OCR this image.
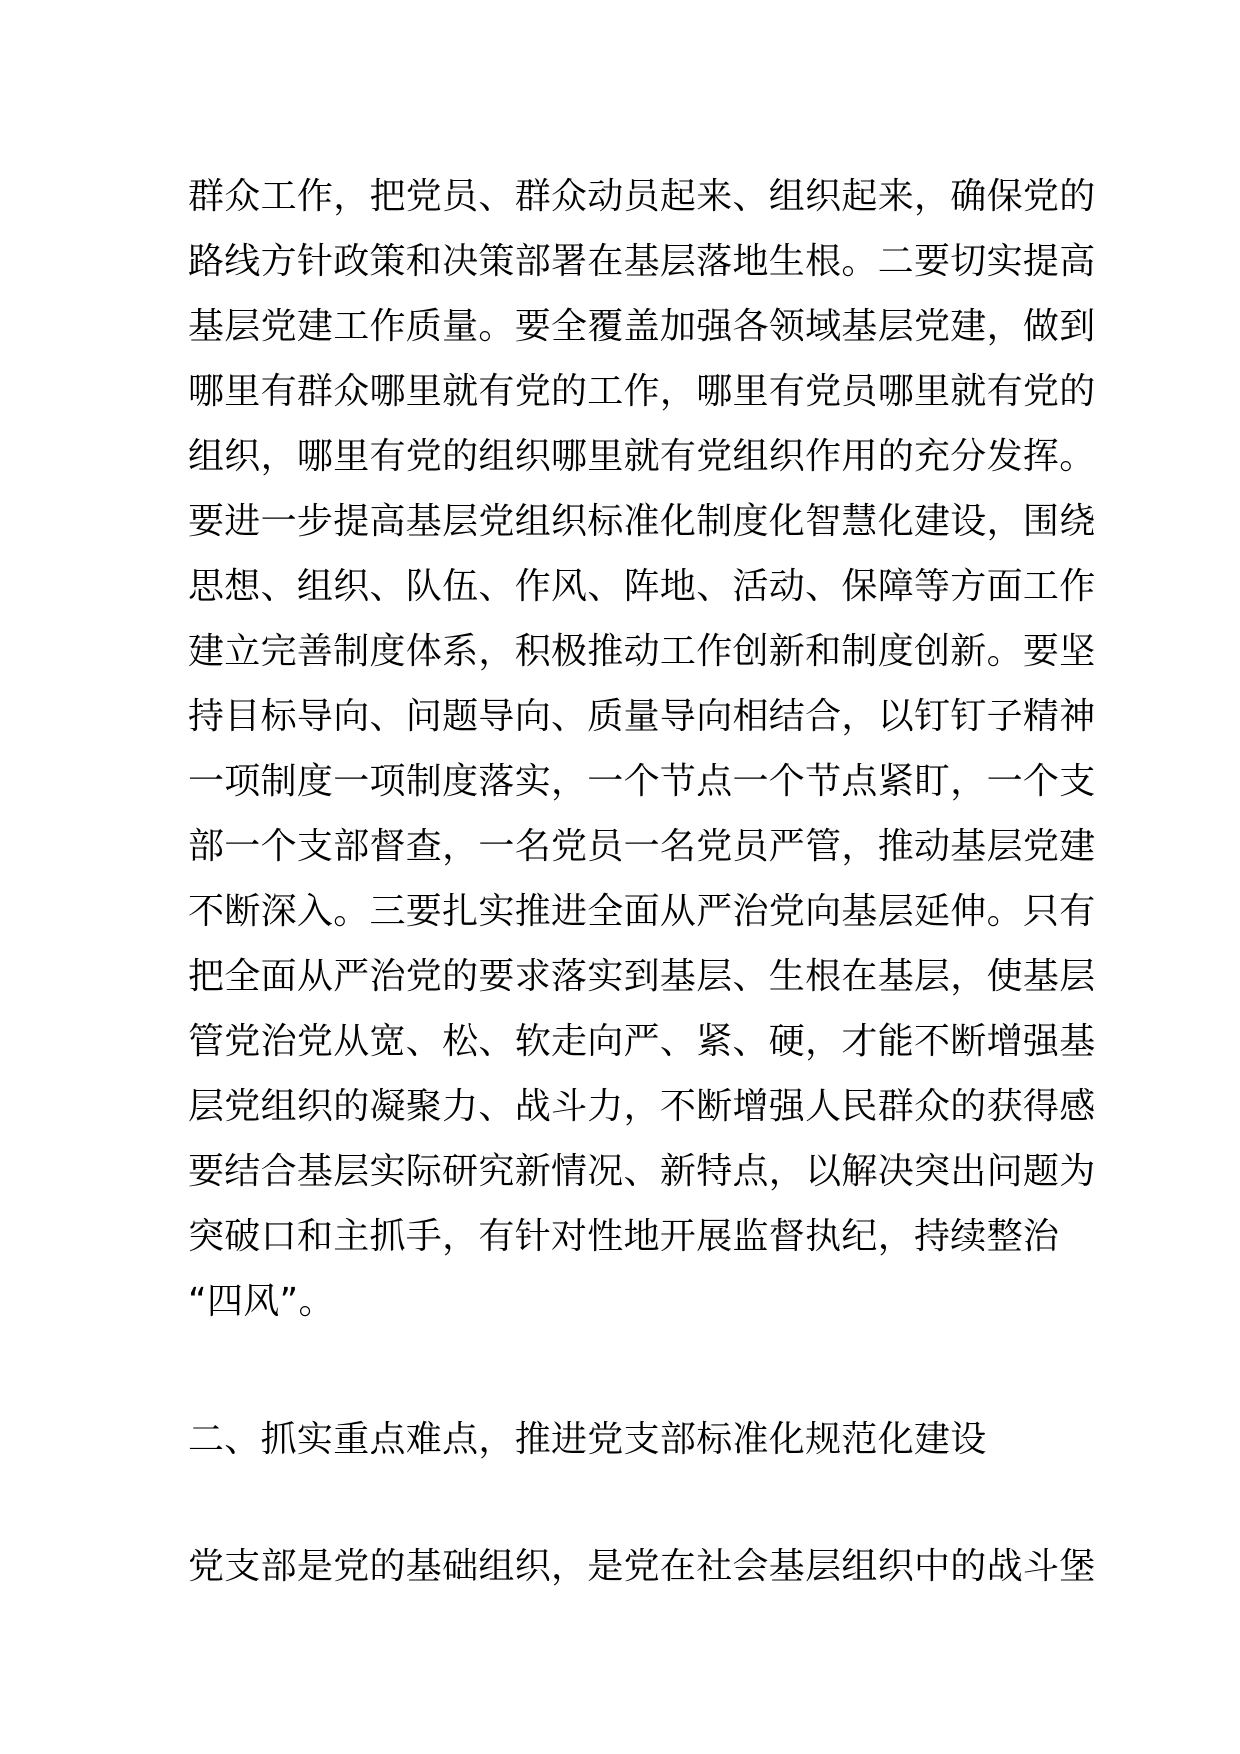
群众工作，把党员、群众动员起来、组织起来，确保党的
路线方针政策和决策部署在基层落地生根。二要切实提高
基层党建工作质量。要全覆盖加强各领域基层党建，做到
哪里有群众哪里就有党的工作，哪里有党员哪里就有党的
组织，哪里有党的组织哪里就有党组织作用的充分发挥。
要进一步提高基层党组织标准化制度化智慧化建设，围绕
思想、组织、队伍、作风、阵地、活动、保障等方面工作
建立完善制度体系，积极推动工作创新和制度创新。要坚
持目标导向、问题导向、质量导向相结合，以钉钉子精神
一项制度一项制度落实，一个节点一个节点紧盯，一个支
部一个支部督查，一名党员一名党员严管，推动基层党建
不断深入。三要扎实推进全面从严治党向基层延伸。只有
把全面从严治党的要求落实到基层、生根在基层，使基层
管党治党从宽、松、软走向严、紧、硬，才能不断增强基
层党组织的凝聚力、战斗力，不断增强人民群众的获得感
要结合基层实际研究新情况、新特点，以解决突出问题为
突破口和主抓手，有针对性地开展监督执纪，持续整治
“四风”。
二、抓实重点难点，推进党支部标准化规范化建设
党支部是党的基础组织，是党在社会基层组织中的战斗堡
